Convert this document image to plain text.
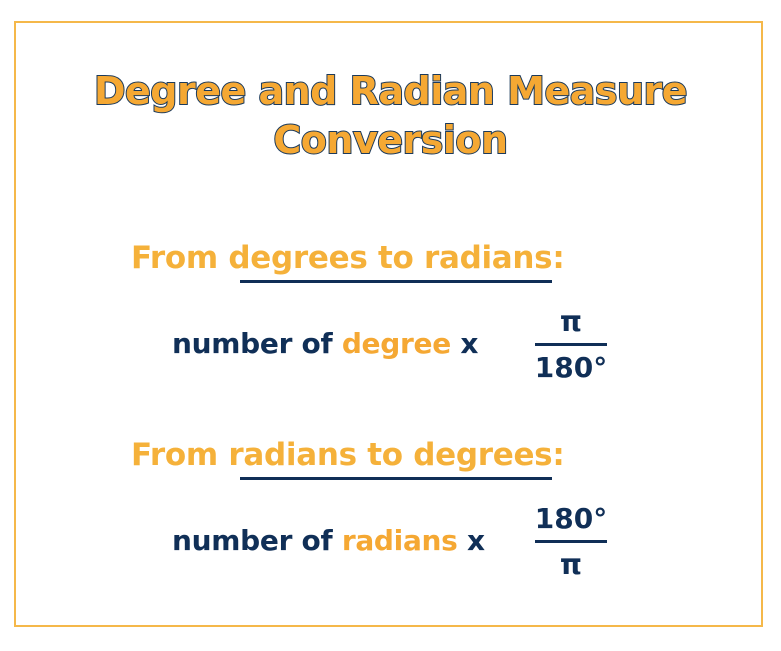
Degree and Radian Measure
Conversion
From degrees to radians:
number of degree x
π
180°
From radians to degrees:
number of radians x
180°
π
